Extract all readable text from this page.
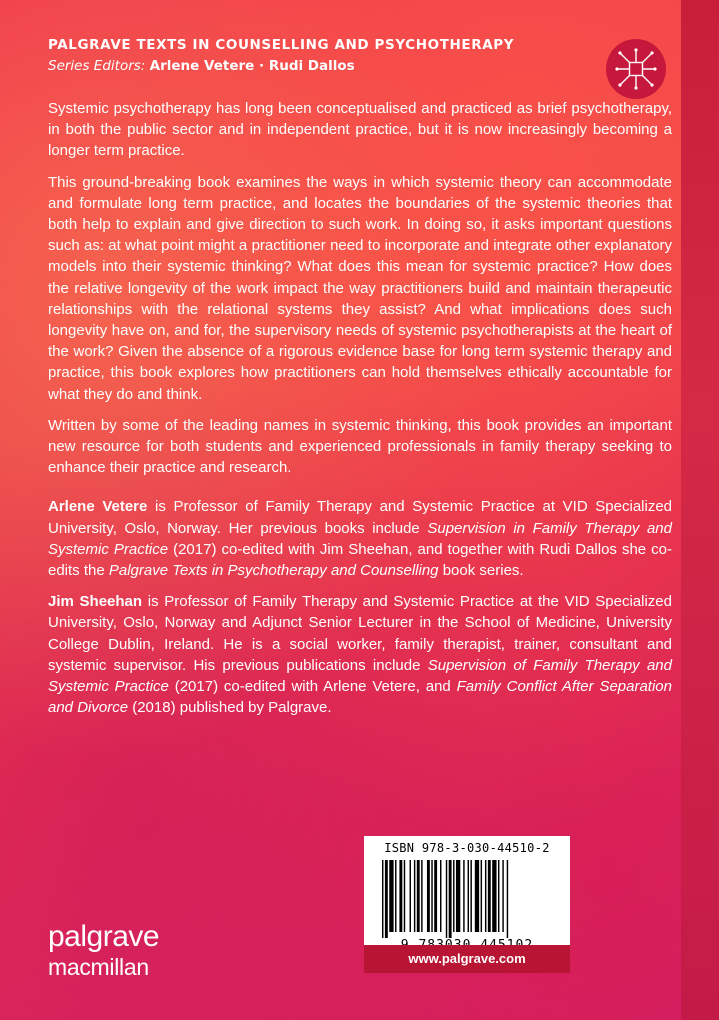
PALGRAVE TEXTS IN COUNSELLING AND PSYCHOTHERAPY
Series Editors: Arlene Vetere · Rudi Dallos

Systemic psychotherapy has long been conceptualised and practiced as brief psychotherapy, in both the public sector and in independent practice, but it is now increasingly becoming a longer term practice.

This ground-breaking book examines the ways in which systemic theory can accommodate and formulate long term practice, and locates the boundaries of the systemic theories that both help to explain and give direction to such work. In doing so, it asks important questions such as: at what point might a practitioner need to incorporate and integrate other explanatory models into their systemic thinking? What does this mean for systemic practice? How does the relative longevity of the work impact the way practitioners build and maintain therapeutic relationships with the relational systems they assist? And what implications does such longevity have on, and for, the supervisory needs of systemic psychotherapists at the heart of the work? Given the absence of a rigorous evidence base for long term systemic therapy and practice, this book explores how practitioners can hold themselves ethically accountable for what they do and think.

Written by some of the leading names in systemic thinking, this book provides an important new resource for both students and experienced professionals in family therapy seeking to enhance their practice and research.

Arlene Vetere is Professor of Family Therapy and Systemic Practice at VID Specialized University, Oslo, Norway. Her previous books include Supervision in Family Therapy and Systemic Practice (2017) co-edited with Jim Sheehan, and together with Rudi Dallos she co-edits the Palgrave Texts in Psychotherapy and Counselling book series.

Jim Sheehan is Professor of Family Therapy and Systemic Practice at the VID Specialized University, Oslo, Norway and Adjunct Senior Lecturer in the School of Medicine, University College Dublin, Ireland. He is a social worker, family therapist, trainer, consultant and systemic supervisor. His previous publications include Supervision of Family Therapy and Systemic Practice (2017) co-edited with Arlene Vetere, and Family Conflict After Separation and Divorce (2018) published by Palgrave.

ISBN 978-3-030-44510-2
www.palgrave.com
palgrave
macmillan
